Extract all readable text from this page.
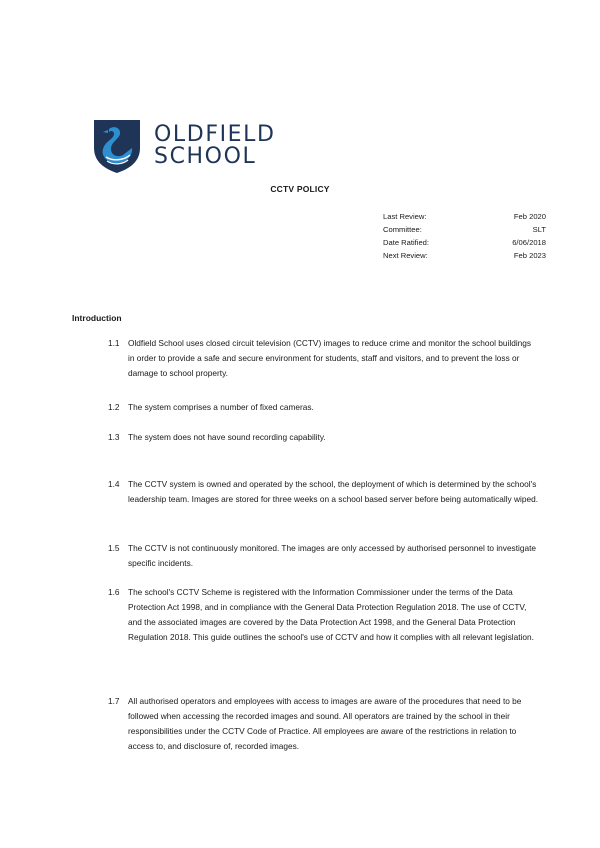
OLDFIELD
SCHOOL
CCTV POLICY
Last Review:	Feb 2020
Committee:	SLT
Date Ratified:	6/06/2018
Next Review:	Feb 2023
Introduction
1.1	Oldfield School uses closed circuit television (CCTV) images to reduce crime and monitor the school buildings in order to provide a safe and secure environment for students, staff and visitors, and to prevent the loss or damage to school property.
1.2	The system comprises a number of fixed cameras.
1.3	The system does not have sound recording capability.
1.4	The CCTV system is owned and operated by the school, the deployment of which is determined by the school's leadership team. Images are stored for three weeks on a school based server before being automatically wiped.
1.5	The CCTV is not continuously monitored. The images are only accessed by authorised personnel to investigate specific incidents.
1.6	The school's CCTV Scheme is registered with the Information Commissioner under the terms of the Data Protection Act 1998, and in compliance with the General Data Protection Regulation 2018. The use of CCTV, and the associated images are covered by the Data Protection Act 1998, and the General Data Protection Regulation 2018. This guide outlines the school's use of CCTV and how it complies with all relevant legislation.
1.7	All authorised operators and employees with access to images are aware of the procedures that need to be followed when accessing the recorded images and sound. All operators are trained by the school in their responsibilities under the CCTV Code of Practice. All employees are aware of the restrictions in relation to access to, and disclosure of, recorded images.
